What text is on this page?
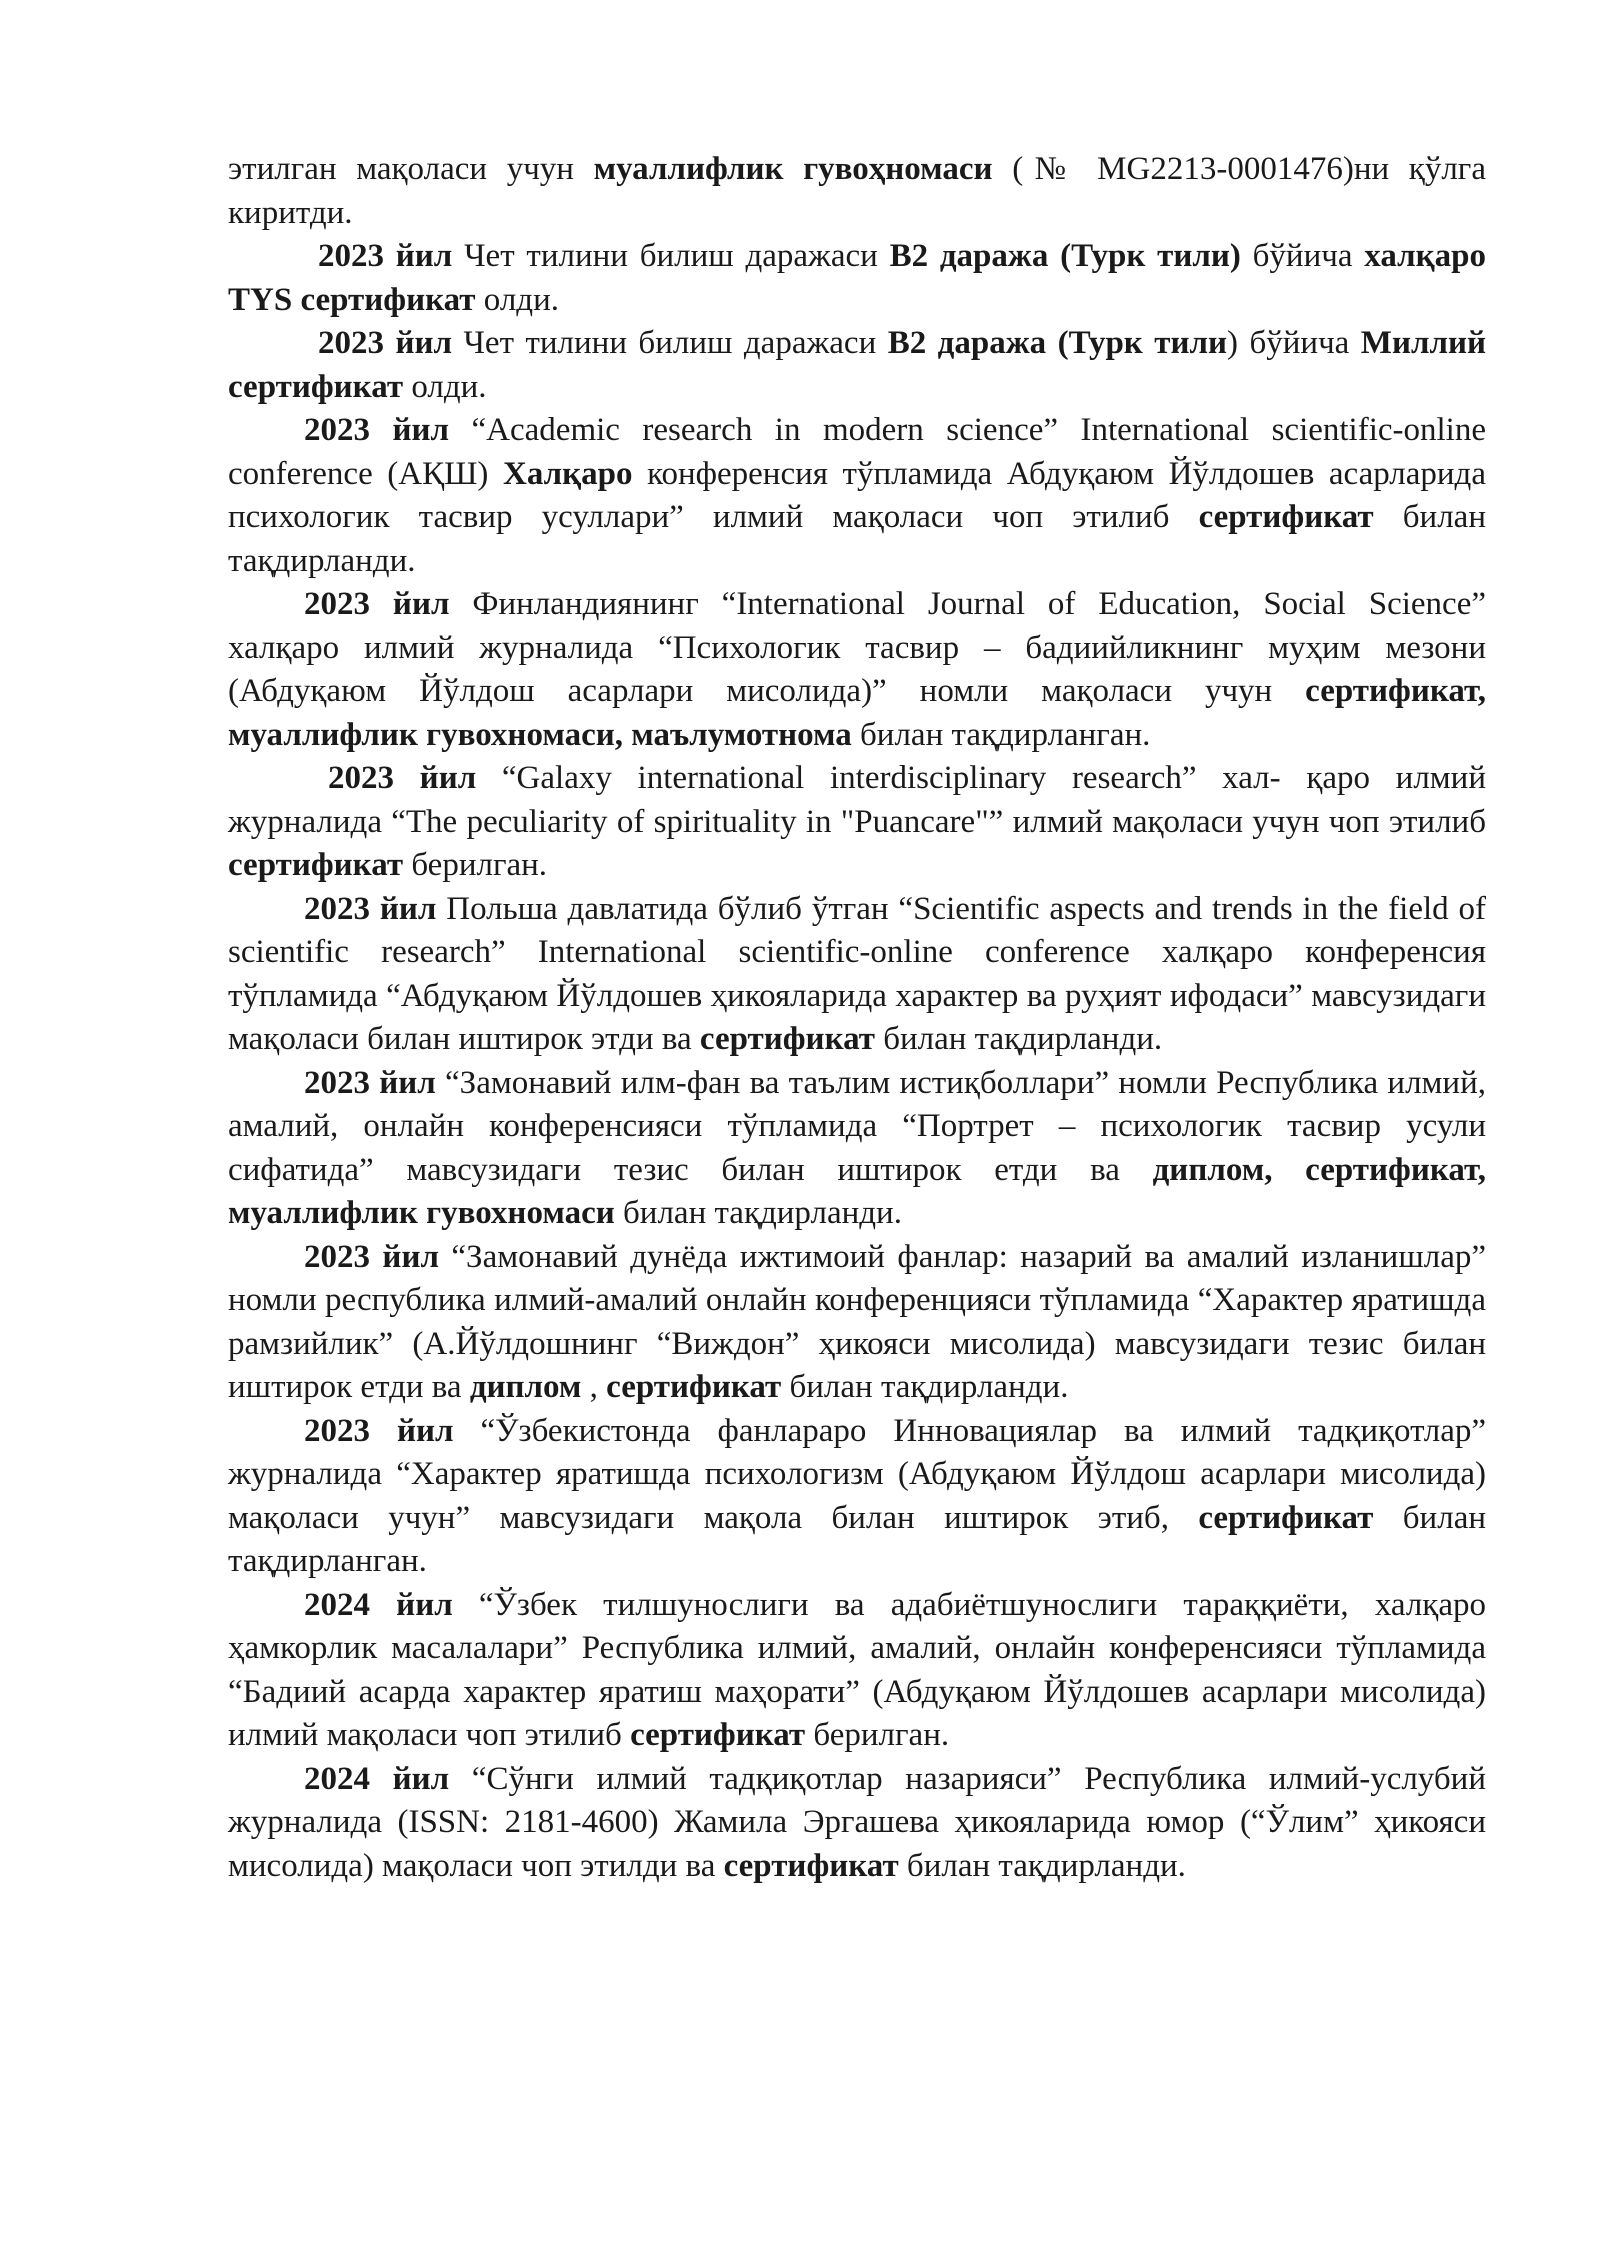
этилган мақоласи учун муаллифлик гувоҳномаси (№ MG2213-0001476)ни қўлга киритди.

2023 йил Чет тилини билиш даражаси В2 даража (Турк тили) бўйича халқаро TYS сертификат олди.

2023 йил Чет тилини билиш даражаси В2 даража (Турк тили) бўйича Миллий сертификат олди.

2023 йил “Academic research in modern science” International scientific-online conference (АҚШ) Халқаро конференсия тўпламида Абдуқаюм Йўлдошев асарларида психологик тасвир усуллари” илмий мақоласи чоп этилиб сертификат билан тақдирланди.

2023 йил Финландиянинг “International Journal of Education, Social Science” халқаро илмий журналида “Психологик тасвир – бадиийликнинг муҳим мезони (Абдуқаюм Йўлдош асарлари мисолида)” номли мақоласи учун сертификат, муаллифлик гувохномаси, маълумотнома билан тақдирланган.

2023 йил “Galaxy international interdisciplinary research” хал- қаро илмий журналида “The peculiarity of spirituality in "Puancare"” илмий мақоласи учун чоп этилиб сертификат берилган.

2023 йил Польша давлатида бўлиб ўтган “Scientific aspects and trends in the field of scientific research” International scientific-online conference халқаро конференсия тўпламида “Абдуқаюм Йўлдошев ҳикояларида характер ва руҳият ифодаси” мавсузидаги мақоласи билан иштирок этди ва сертификат билан тақдирланди.

2023 йил “Замонавий илм-фан ва таълим истиқболлари” номли Республика илмий, амалий, онлайн конференсияси тўпламида “Портрет – психологик тасвир усули сифатида” мавсузидаги тезис билан иштирок етди ва диплом, сертификат, муаллифлик гувохномаси билан тақдирланди.

2023 йил “Замонавий дунёда ижтимоий фанлар: назарий ва амалий изланишлар” номли республика илмий-амалий онлайн конференцияси тўпламида “Характер яратишда рамзийлик” (А.Йўлдошнинг “Виждон” ҳикояси мисолида) мавсузидаги тезис билан иштирок етди ва диплом , сертификат билан тақдирланди.

2023 йил “Ўзбекистонда фанлараро Инновациялар ва илмий тадқиқотлар” журналида “Характер яратишда психологизм (Абдуқаюм Йўлдош асарлари мисолида) мақоласи учун” мавсузидаги мақола билан иштирок этиб, сертификат билан тақдирланган.

2024 йил “Ўзбек тилшунослиги ва адабиётшунослиги тараққиёти, халқаро ҳамкорлик масалалари” Республика илмий, амалий, онлайн конференсияси тўпламида “Бадиий асарда характер яратиш маҳорати” (Абдуқаюм Йўлдошев асарлари мисолида) илмий мақоласи чоп этилиб сертификат берилган.

2024 йил “Сўнги илмий тадқиқотлар назарияси” Республика илмий-услубий журналида (ISSN: 2181-4600) Жамила Эргашева ҳикояларида юмор (“Ўлим” ҳикояси мисолида) мақоласи чоп этилди ва сертификат билан тақдирланди.
